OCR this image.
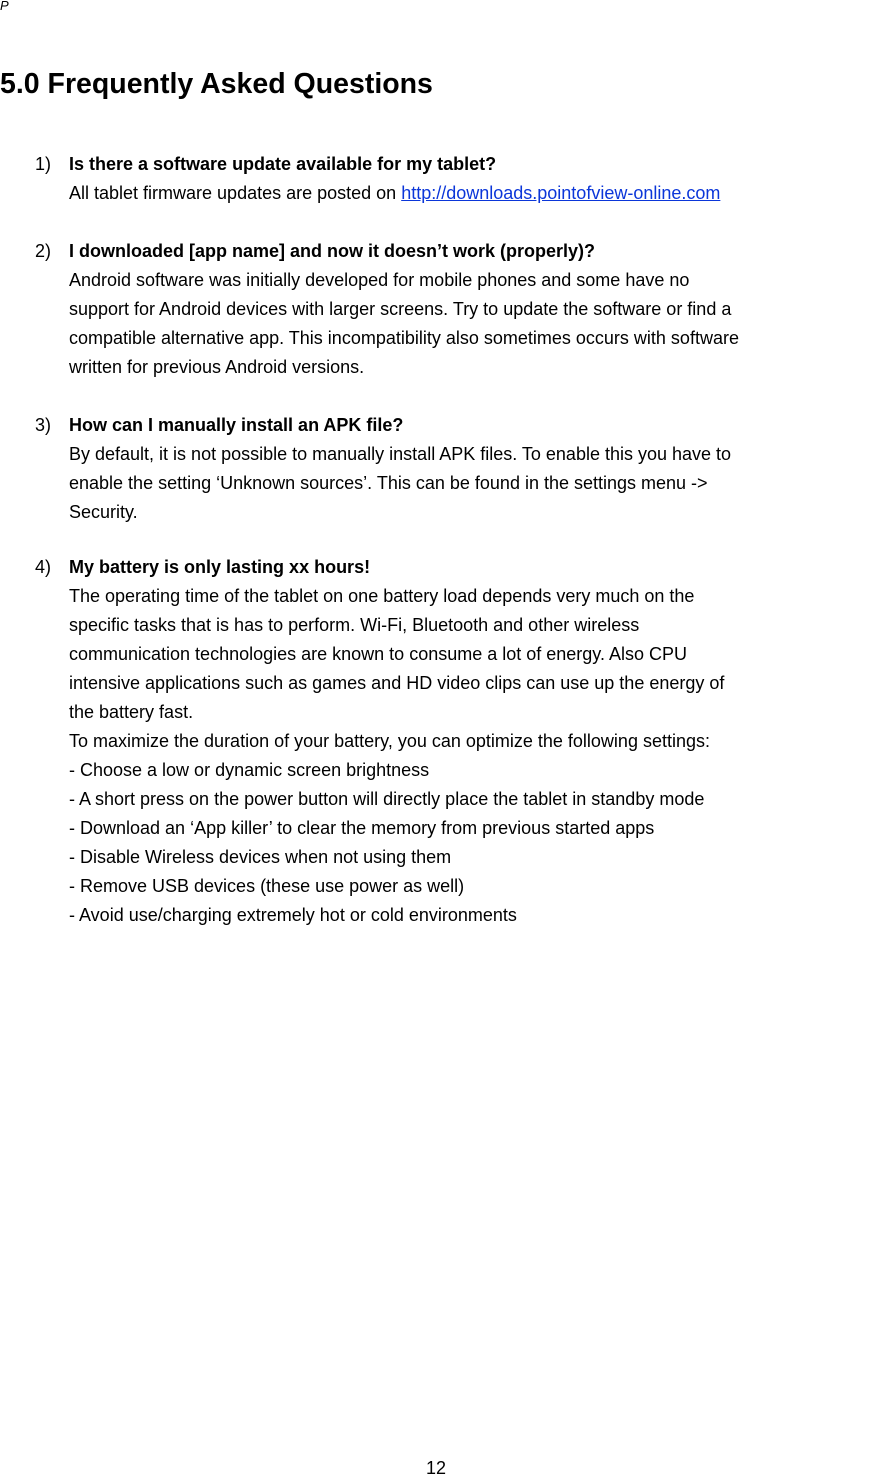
P
5.0 Frequently Asked Questions
1) Is there a software update available for my tablet?
All tablet firmware updates are posted on http://downloads.pointofview-online.com
2) I downloaded [app name] and now it doesn’t work (properly)?
Android software was initially developed for mobile phones and some have no
support for Android devices with larger screens. Try to update the software or find a
compatible alternative app. This incompatibility also sometimes occurs with software
written for previous Android versions.
3) How can I manually install an APK file?
By default, it is not possible to manually install APK files. To enable this you have to
enable the setting ‘Unknown sources’. This can be found in the settings menu ->
Security.
4) My battery is only lasting xx hours!
The operating time of the tablet on one battery load depends very much on the
specific tasks that is has to perform. Wi-Fi, Bluetooth and other wireless
communication technologies are known to consume a lot of energy. Also CPU
intensive applications such as games and HD video clips can use up the energy of
the battery fast.
To maximize the duration of your battery, you can optimize the following settings:
- Choose a low or dynamic screen brightness
- A short press on the power button will directly place the tablet in standby mode
- Download an ‘App killer’ to clear the memory from previous started apps
- Disable Wireless devices when not using them
- Remove USB devices (these use power as well)
- Avoid use/charging extremely hot or cold environments
12
